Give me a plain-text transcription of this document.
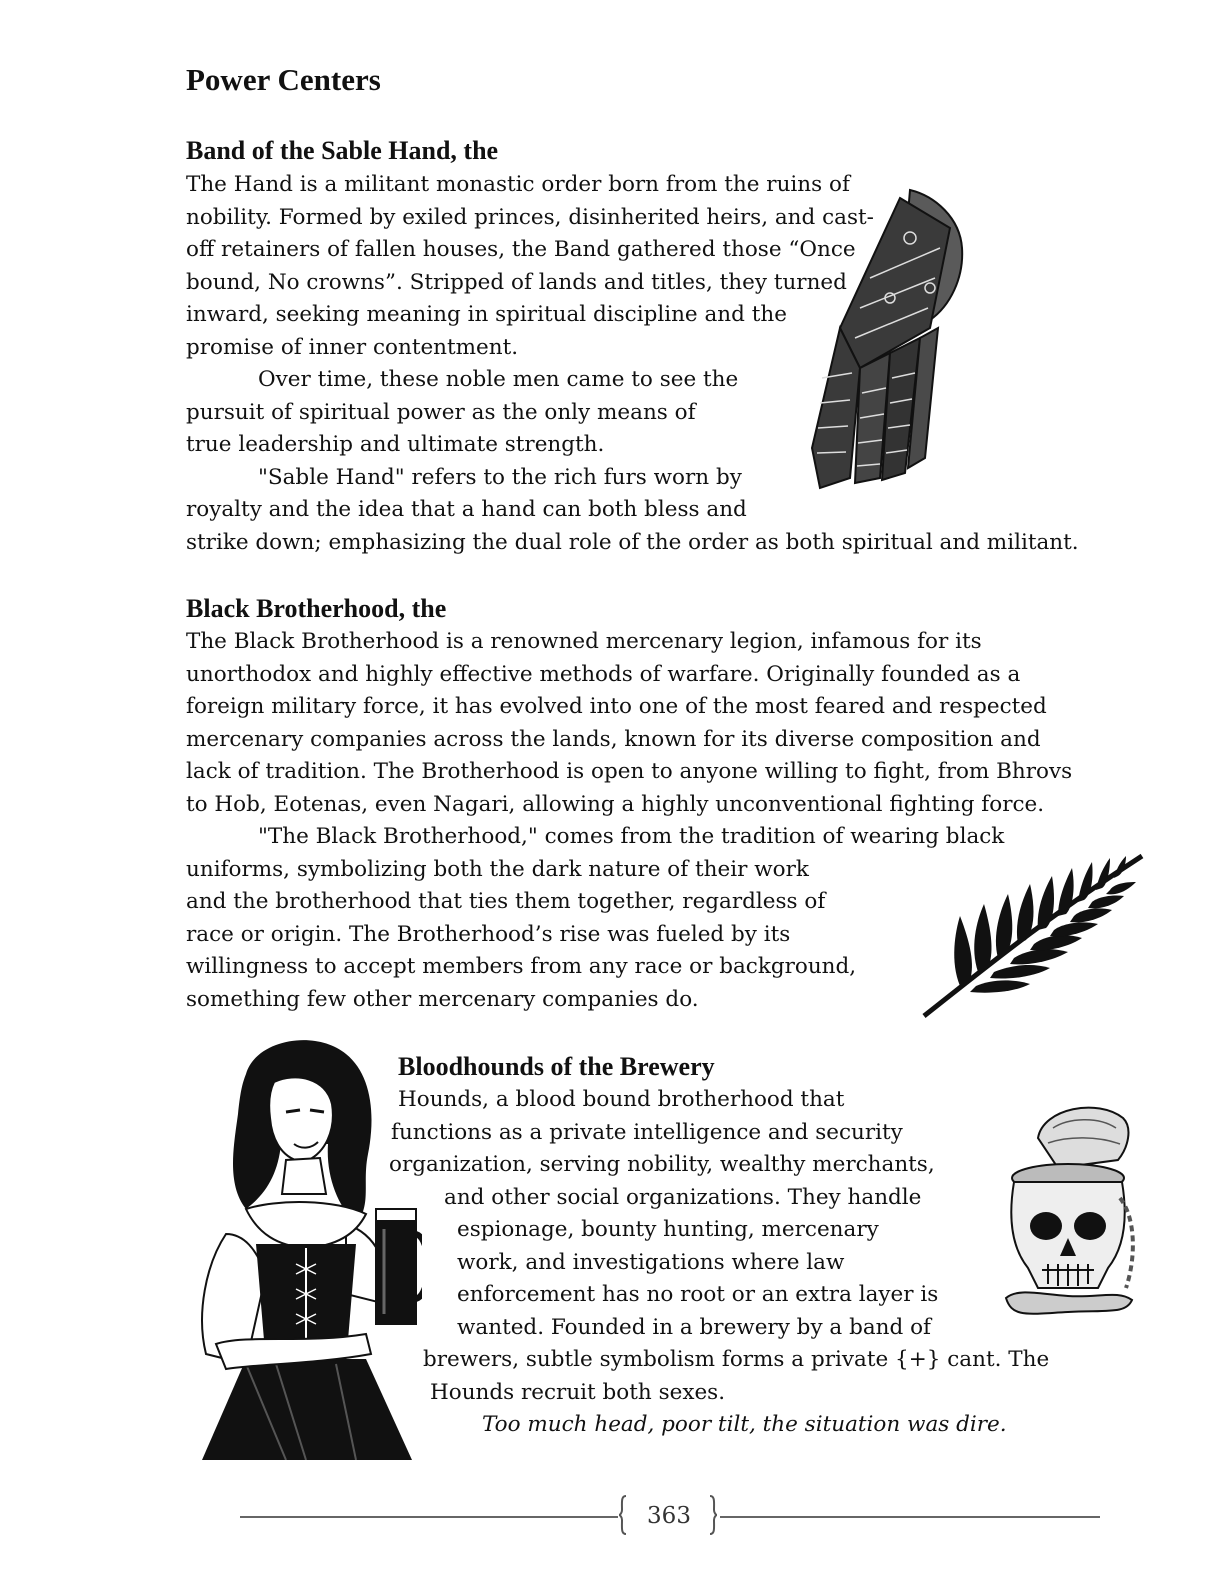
Power Centers
Band of the Sable Hand, the
The Hand is a militant monastic order born from the ruins of
nobility. Formed by exiled princes, disinherited heirs, and cast-
off retainers of fallen houses, the Band gathered those “Once
bound, No crowns”. Stripped of lands and titles, they turned
inward, seeking meaning in spiritual discipline and the
promise of inner contentment.
Over time, these noble men came to see the
pursuit of spiritual power as the only means of
true leadership and ultimate strength.
"Sable Hand" refers to the rich furs worn by
royalty and the idea that a hand can both bless and
strike down; emphasizing the dual role of the order as both spiritual and militant.
Black Brotherhood, the
The Black Brotherhood is a renowned mercenary legion, infamous for its
unorthodox and highly effective methods of warfare. Originally founded as a
foreign military force, it has evolved into one of the most feared and respected
mercenary companies across the lands, known for its diverse composition and
lack of tradition. The Brotherhood is open to anyone willing to fight, from Bhrovs
to Hob, Eotenas, even Nagari, allowing a highly unconventional fighting force.
"The Black Brotherhood," comes from the tradition of wearing black
uniforms, symbolizing both the dark nature of their work
and the brotherhood that ties them together, regardless of
race or origin. The Brotherhood’s rise was fueled by its
willingness to accept members from any race or background,
something few other mercenary companies do.
Bloodhounds of the Brewery
Hounds, a blood bound brotherhood that
functions as a private intelligence and security
organization, serving nobility, wealthy merchants,
and other social organizations. They handle
espionage, bounty hunting, mercenary
work, and investigations where law
enforcement has no root or an extra layer is
wanted. Founded in a brewery by a band of
brewers, subtle symbolism forms a private {+} cant. The
Hounds recruit both sexes.
Too much head, poor tilt, the situation was dire.
363
